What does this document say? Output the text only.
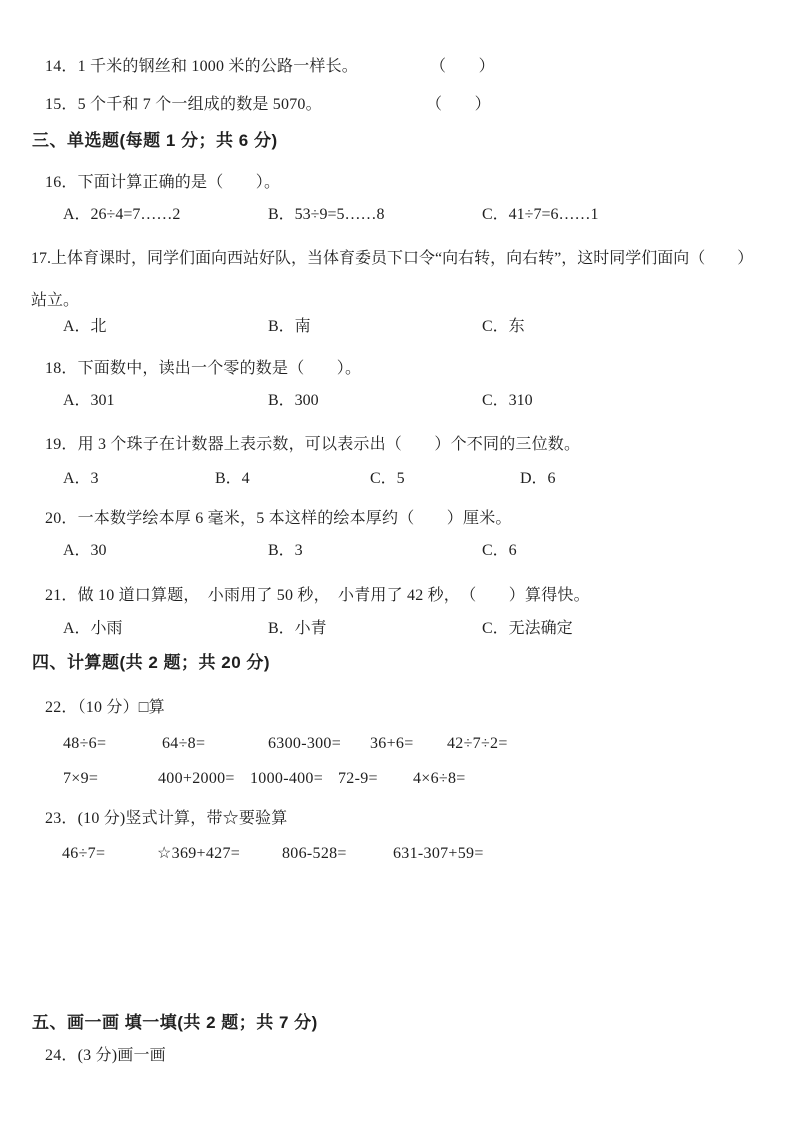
14．1 千米的钢丝和 1000 米的公路一样长。	（　　）
15．5 个千和 7 个一组成的数是 5070。	（　　）
三、单选题(每题 1 分；共 6 分)
16．下面计算正确的是（　　）。
A．26÷4=7……2	B．53÷9=5……8	C．41÷7=6……1
17.上体育课时，同学们面向西站好队，当体育委员下口令“向右转，向右转”，这时同学们面向（　　）
站立。
A．北	B．南	C．东
18．下面数中，读出一个零的数是（　　）。
A．301	B．300	C．310
19．用 3 个珠子在计数器上表示数，可以表示出（　　）个不同的三位数。
A．3	B．4	C．5	D．6
20．一本数学绘本厚 6 毫米，5 本这样的绘本厚约（　　）厘米。
A．30	B．3	C．6
21．做 10 道口算题，　小雨用了 50 秒，　小青用了 42 秒，　（　　）算得快。
A．小雨	B．小青	C．无法确定
四、计算题(共 2 题；共 20 分)
22．（10 分）□算
48÷6=	64÷8=	6300-300= 36+6= 42÷7÷2=
7×9=	400+2000= 1000-400= 72-9= 4×6÷8=
23．(10 分)竖式计算，带☆要验算
46÷7=	☆369+427=	806-528=	631-307+59=
五、画一画 填一填(共 2 题；共 7 分)
24．(3 分)画一画
